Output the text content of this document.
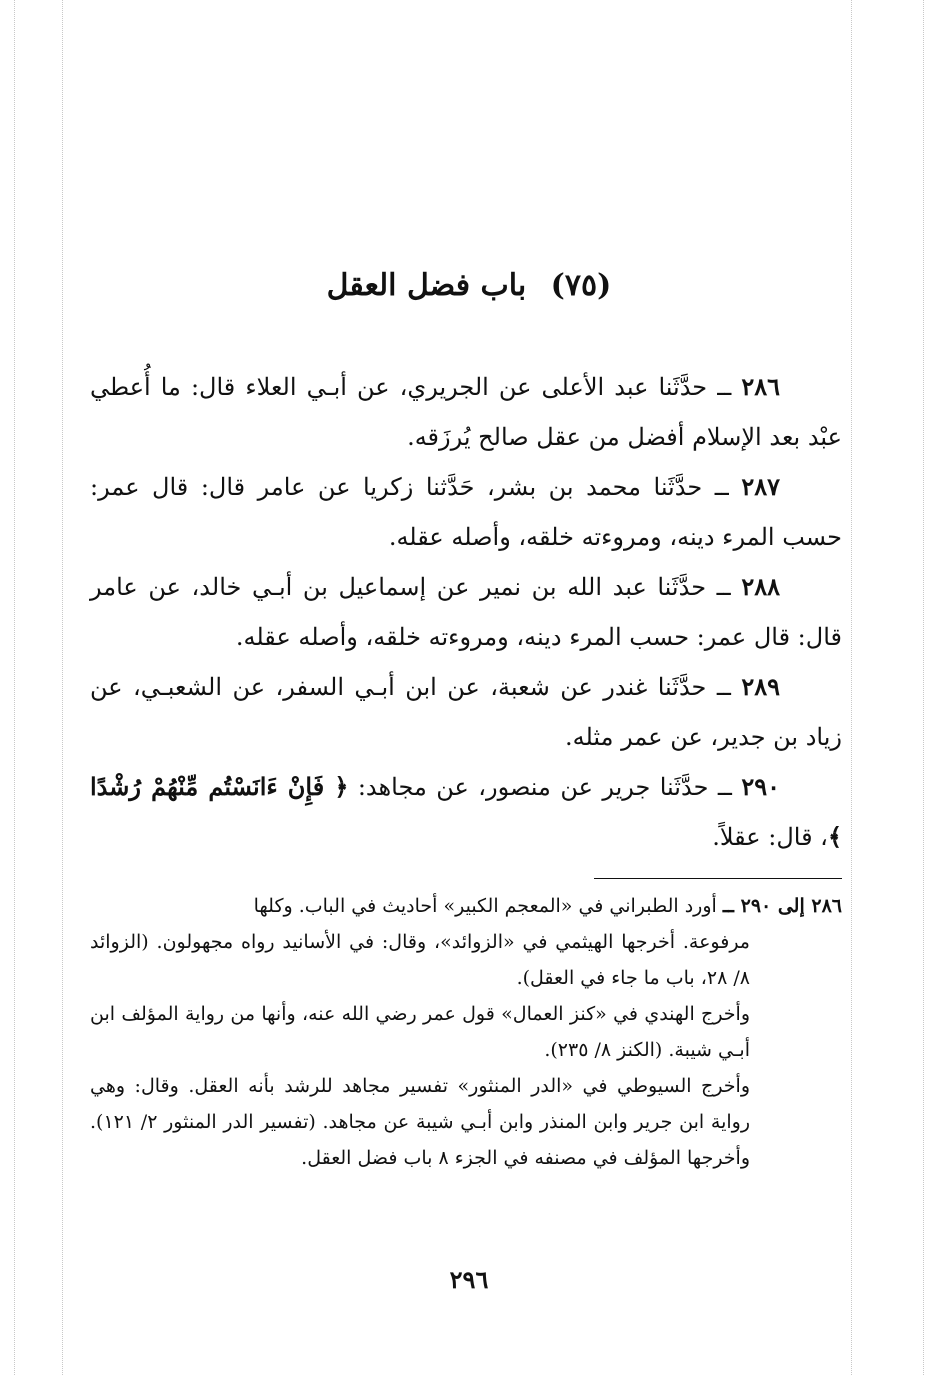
(٧٥) باب فضل العقل

٢٨٦ ــ حدَّثَنا عبد الأعلى عن الجريري، عن أبـي العلاء قال: ما أُعطي عبْد بعد الإسلام أفضل من عقل صالح يُرزَقه.

٢٨٧ ــ حدَّثَنا محمد بن بشر، حَدَّثنا زكريا عن عامر قال: قال عمر: حسب المرء دينه، ومروءته خلقه، وأصله عقله.

٢٨٨ ــ حدَّثَنا عبد الله بن نمير عن إسماعيل بن أبـي خالد، عن عامر قال: قال عمر: حسب المرء دينه، ومروءته خلقه، وأصله عقله.

٢٨٩ ــ حدَّثَنا غندر عن شعبة، عن ابن أبـي السفر، عن الشعبـي، عن زياد بن جدير، عن عمر مثله.

٢٩٠ ــ حدَّثَنا جرير عن منصور، عن مجاهد: ﴿ فَإِنْ ءَانَسْتُم مِّنْهُمْ رُشْدًا ﴾، قال: عقلاً.

٢٨٦ إلى ٢٩٠ ــ أورد الطبراني في «المعجم الكبير» أحاديث في الباب. وكلها
مرفوعة. أخرجها الهيثمي في «الزوائد»، وقال: في الأسانيد رواه مجهولون. (الزوائد ٨/ ٢٨، باب ما جاء في العقل).

وأخرج الهندي في «كنز العمال» قول عمر رضي الله عنه، وأنها من رواية المؤلف ابن أبـي شيبة. (الكنز ٨/ ٢٣٥).

وأخرج السيوطي في «الدر المنثور» تفسير مجاهد للرشد بأنه العقل. وقال: وهي رواية ابن جرير وابن المنذر وابن أبـي شيبة عن مجاهد. (تفسير الدر المنثور ٢/ ١٢١). وأخرجها المؤلف في مصنفه في الجزء ٨ باب فضل العقل.

٢٩٦
